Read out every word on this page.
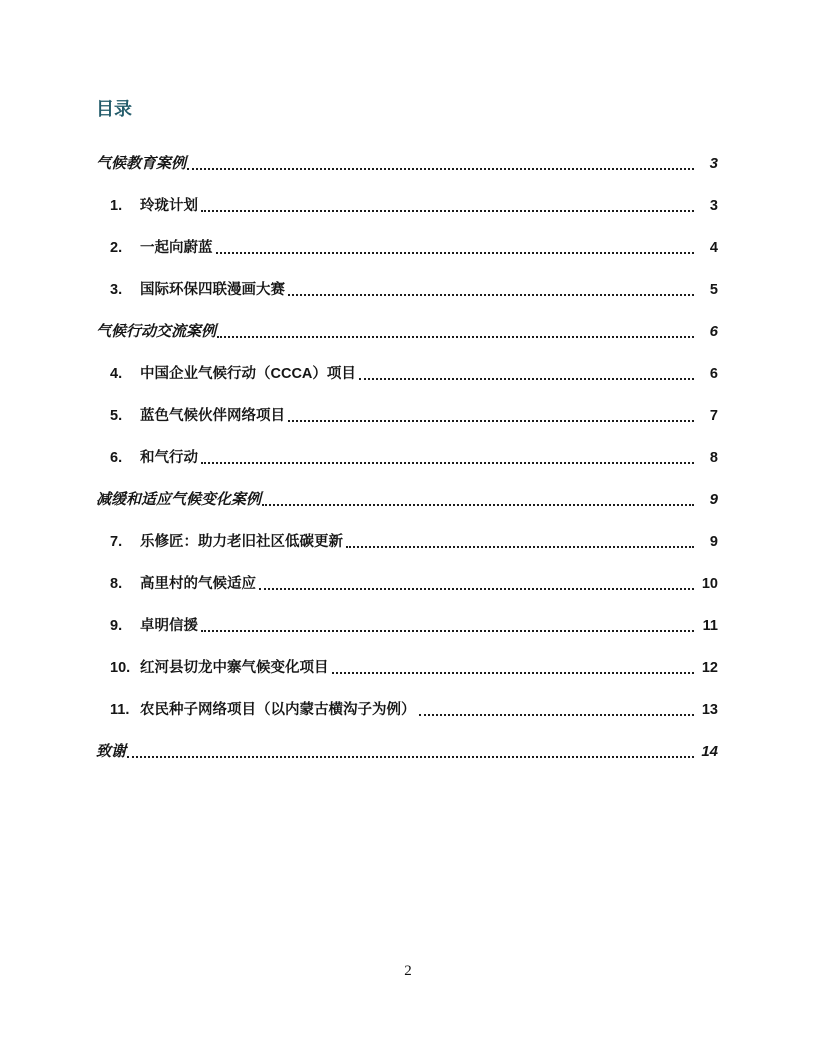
目录
气候教育案例	3
1.	玲珑计划	3
2.	一起向蔚蓝	4
3.	国际环保四联漫画大赛	5
气候行动交流案例	6
4.	中国企业气候行动（CCCA）项目	6
5.	蓝色气候伙伴网络项目	7
6.	和气行动	8
减缓和适应气候变化案例	9
7.	乐修匠：助力老旧社区低碳更新	9
8.	高里村的气候适应	10
9.	卓明信援	11
10. 红河县切龙中寨气候变化项目	12
11. 农民种子网络项目（以内蒙古横沟子为例）	13
致谢	14
2
